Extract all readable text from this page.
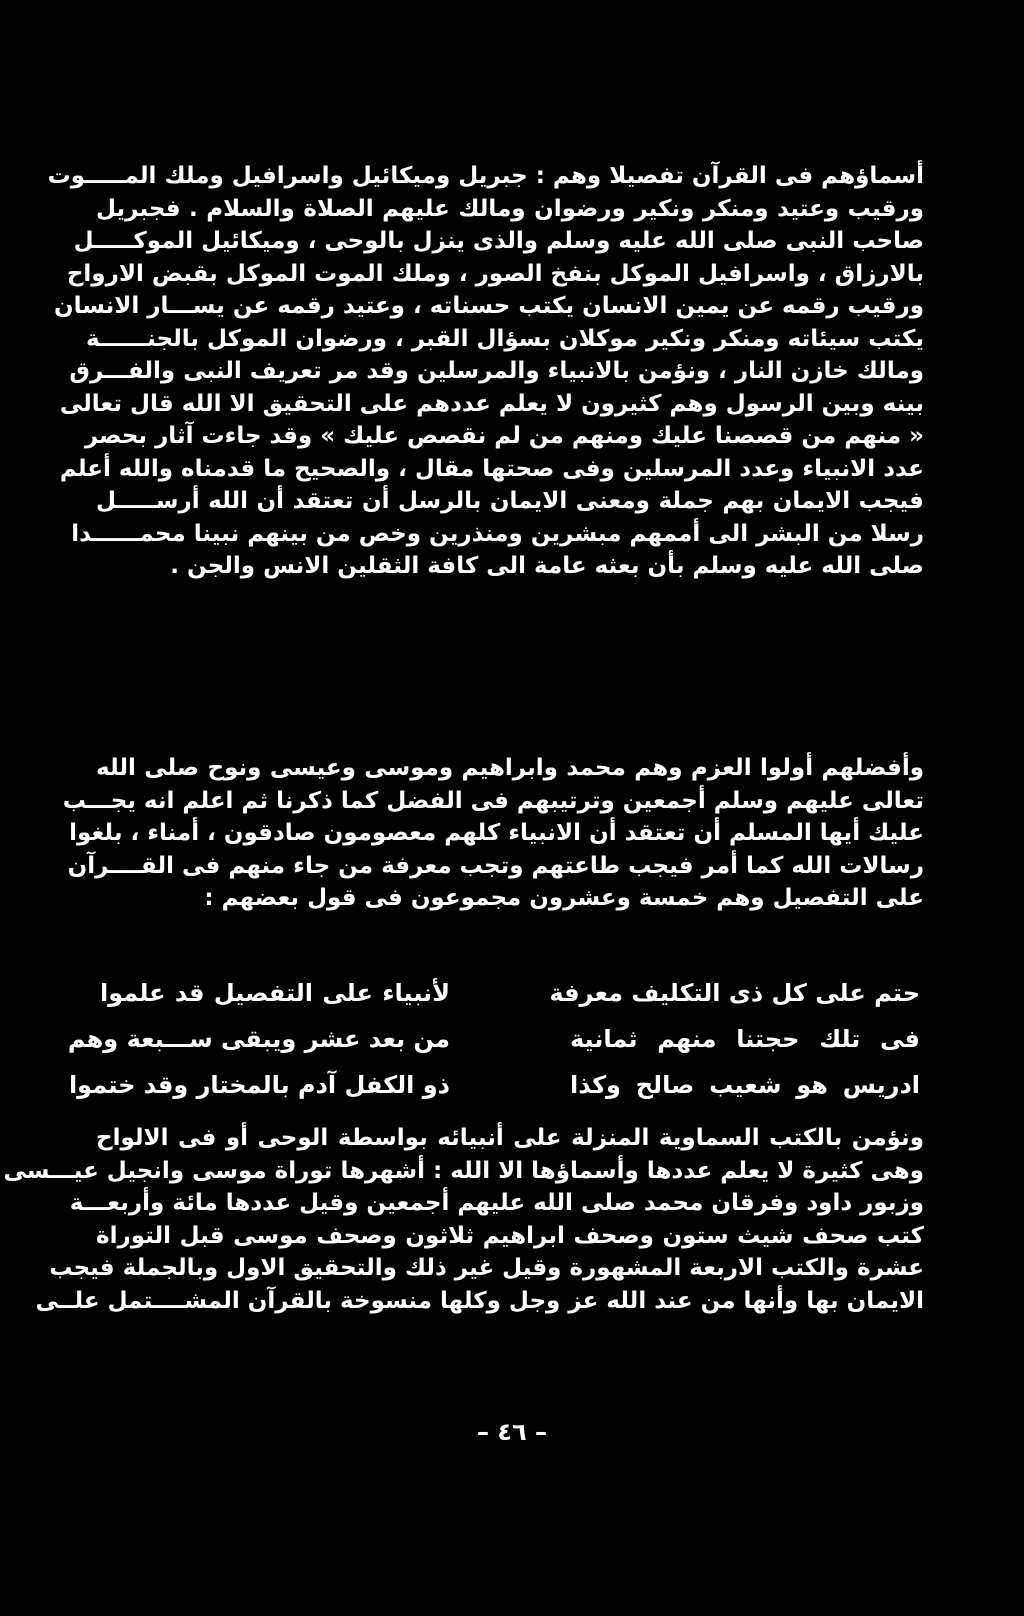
أسماؤهم فى القرآن تفصيلا وهم : جبريل وميكائيل واسرافيل وملك المـــــوت
ورقيب وعتيد ومنكر ونكير ورضوان ومالك عليهم الصلاة والسلام . فجبريل
صاحب النبى صلى الله عليه وسلم والذى ينزل بالوحى ، وميكائيل الموكـــــل
بالارزاق ، واسرافيل الموكل بنفخ الصور ، وملك الموت الموكل بقبض الارواح
ورقيب رقمه عن يمين الانسان يكتب حسناته ، وعتيد رقمه عن يســـار الانسان
يكتب سيئاته ومنكر ونكير موكلان بسؤال القبر ، ورضوان الموكل بالجنــــــة
ومالك خازن النار ، ونؤمن بالانبياء والمرسلين وقد مر تعريف النبى والفـــرق
بينه وبين الرسول وهم كثيرون لا يعلم عددهم على التحقيق الا الله قال تعالى
« منهم من قصصنا عليك ومنهم من لم نقصص عليك » وقد جاءت آثار بحصر
عدد الانبياء وعدد المرسلين وفى صحتها مقال ، والصحيح ما قدمناه والله أعلم
فيجب الايمان بهم جملة ومعنى الايمان بالرسل أن تعتقد أن الله أرســـــل
رسلا من البشر الى أممهم مبشرين ومنذرين وخص من بينهم نبينا محمــــــدا
صلى الله عليه وسلم بأن بعثه عامة الى كافة الثقلين الانس والجن .
وأفضلهم أولوا العزم وهم محمد وابراهيم وموسى وعيسى ونوح صلى الله
تعالى عليهم وسلم أجمعين وترتيبهم فى الفضل كما ذكرنا ثم اعلم انه يجـــب
عليك أيها المسلم أن تعتقد أن الانبياء كلهم معصومون صادقون ، أمناء ، بلغوا
رسالات الله كما أمر فيجب طاعتهم وتجب معرفة من جاء منهم فى القــــرآن
على التفصيل وهم خمسة وعشرون مجموعون فى قول بعضهم :
حتم على كل ذى التكليف معرفة
لأنبياء على التفصيل قد علموا
فى تلك حجتنا منهم ثمانية
من بعد عشر ويبقى ســـبعة وهم
ادريس هو شعيب صالح وكذا
ذو الكفل آدم بالمختار وقد ختموا
ونؤمن بالكتب السماوية المنزلة على أنبيائه بواسطة الوحى أو فى الالواح
وهى كثيرة لا يعلم عددها وأسماؤها الا الله : أشهرها توراة موسى وانجيل عيـــسى
وزبور داود وفرقان محمد صلى الله عليهم أجمعين وقيل عددها مائة وأربعـــة
كتب صحف شيث ستون وصحف ابراهيم ثلاثون وصحف موسى قبل التوراة
عشرة والكتب الاربعة المشهورة وقيل غير ذلك والتحقيق الاول وبالجملة فيجب
الايمان بها وأنها من عند الله عز وجل وكلها منسوخة بالقرآن المشــــتمل علــى
– ٤٦ –
